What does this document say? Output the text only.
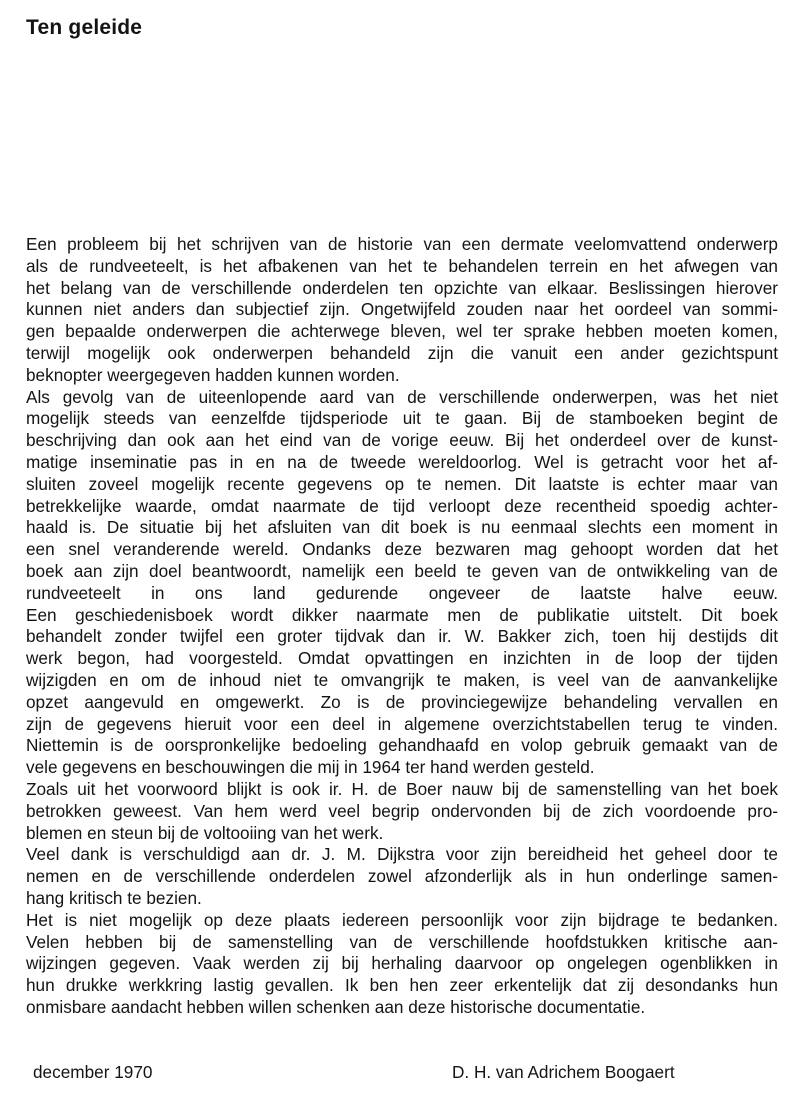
Ten geleide
Een probleem bij het schrijven van de historie van een dermate veelomvattend onderwerp
als de rundveeteelt, is het afbakenen van het te behandelen terrein en het afwegen van
het belang van de verschillende onderdelen ten opzichte van elkaar. Beslissingen hierover
kunnen niet anders dan subjectief zijn. Ongetwijfeld zouden naar het oordeel van sommi-
gen bepaalde onderwerpen die achterwege bleven, wel ter sprake hebben moeten komen,
terwijl mogelijk ook onderwerpen behandeld zijn die vanuit een ander gezichtspunt
beknopter weergegeven hadden kunnen worden.
Als gevolg van de uiteenlopende aard van de verschillende onderwerpen, was het niet
mogelijk steeds van eenzelfde tijdsperiode uit te gaan. Bij de stamboeken begint de
beschrijving dan ook aan het eind van de vorige eeuw. Bij het onderdeel over de kunst-
matige inseminatie pas in en na de tweede wereldoorlog. Wel is getracht voor het af-
sluiten zoveel mogelijk recente gegevens op te nemen. Dit laatste is echter maar van
betrekkelijke waarde, omdat naarmate de tijd verloopt deze recentheid spoedig achter-
haald is. De situatie bij het afsluiten van dit boek is nu eenmaal slechts een moment in
een snel veranderende wereld. Ondanks deze bezwaren mag gehoopt worden dat het
boek aan zijn doel beantwoordt, namelijk een beeld te geven van de ontwikkeling van de
rundveeteelt in ons land gedurende ongeveer de laatste halve eeuw.
Een geschiedenisboek wordt dikker naarmate men de publikatie uitstelt. Dit boek
behandelt zonder twijfel een groter tijdvak dan ir. W. Bakker zich, toen hij destijds dit
werk begon, had voorgesteld. Omdat opvattingen en inzichten in de loop der tijden
wijzigden en om de inhoud niet te omvangrijk te maken, is veel van de aanvankelijke
opzet aangevuld en omgewerkt. Zo is de provinciegewijze behandeling vervallen en
zijn de gegevens hieruit voor een deel in algemene overzichtstabellen terug te vinden.
Niettemin is de oorspronkelijke bedoeling gehandhaafd en volop gebruik gemaakt van de
vele gegevens en beschouwingen die mij in 1964 ter hand werden gesteld.
Zoals uit het voorwoord blijkt is ook ir. H. de Boer nauw bij de samenstelling van het boek
betrokken geweest. Van hem werd veel begrip ondervonden bij de zich voordoende pro-
blemen en steun bij de voltooiing van het werk.
Veel dank is verschuldigd aan dr. J. M. Dijkstra voor zijn bereidheid het geheel door te
nemen en de verschillende onderdelen zowel afzonderlijk als in hun onderlinge samen-
hang kritisch te bezien.
Het is niet mogelijk op deze plaats iedereen persoonlijk voor zijn bijdrage te bedanken.
Velen hebben bij de samenstelling van de verschillende hoofdstukken kritische aan-
wijzingen gegeven. Vaak werden zij bij herhaling daarvoor op ongelegen ogenblikken in
hun drukke werkkring lastig gevallen. Ik ben hen zeer erkentelijk dat zij desondanks hun
onmisbare aandacht hebben willen schenken aan deze historische documentatie.
december 1970	D. H. van Adrichem Boogaert
